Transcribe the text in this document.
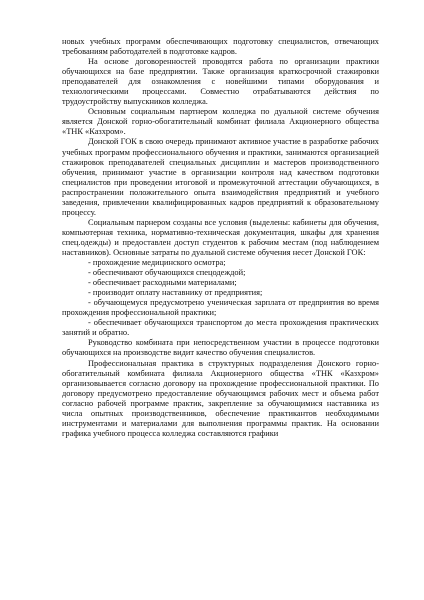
новых учебных программ обеспечивающих подготовку специалистов, отвечающих требованиям работодателей в подготовке кадров.

На основе договоренностей проводятся работа по организации практики обучающихся на базе предприятии. Также организация краткосрочной стажировки преподавателей для ознакомления с новейшими типами оборудования и технологическими процессами. Совместно отрабатываются действия по трудоустройству выпускников колледжа.

Основным социальным партнером колледжа по дуальной системе обучения является Донской горно-обогатительный комбинат филиала Акционерного общества «ТНК «Казхром».

Донской ГОК в свою очередь принимают активное участие в разработке рабочих учебных программ профессионального обучения и практики, занимаются организацией стажировок преподавателей специальных дисциплин и мастеров производственного обучения, принимают участие в организации контроля над качеством подготовки специалистов при проведении итоговой и промежуточной аттестации обучающихся, в распространении положительного опыта взаимодействия предприятий и учебного заведения, привлечении квалифицированных кадров предприятий к образовательному процессу.

Социальным парнером созданы все условия (выделены: кабинеты для обучения, компьютерная техника, нормативно-техническая документация, шкафы для хранения спец.одежды) и предоставлен доступ студентов к рабочим местам (под наблюдением наставников). Основные затраты по дуальной системе обучения несет Донской ГОК:

- прохождение медицинского осмотра;

- обеспечивают обучающихся спецодеждой;

- обеспечивает расходными материалами;

- производит оплату наставнику от предприятия;

- обучающемуся предусмотрено ученическая зарплата от предприятия во время прохождения профессиональной практики;

- обеспечивает обучающихся транспортом до места прохождения практических занятий и обратно.

Руководство комбината при непосредственном участии в процессе подготовки обучающихся на производстве видит качество обучения специалистов.

Профессиональная практика в структурных подразделения Донского горно-обогатительный комбината филиала Акционерного общества «ТНК «Казхром» организовывается согласно договору на прохождение профессиональной практики. По договору предусмотрено предоставление обучающимся рабочих мест и объема работ согласно рабочей программе практик, закрепление за обучающимися наставника из числа опытных производственников, обеспечение практикантов необходимыми инструментами и материалами для выполнения программы практик. На основании графика учебного процесса колледжа составляются графики
